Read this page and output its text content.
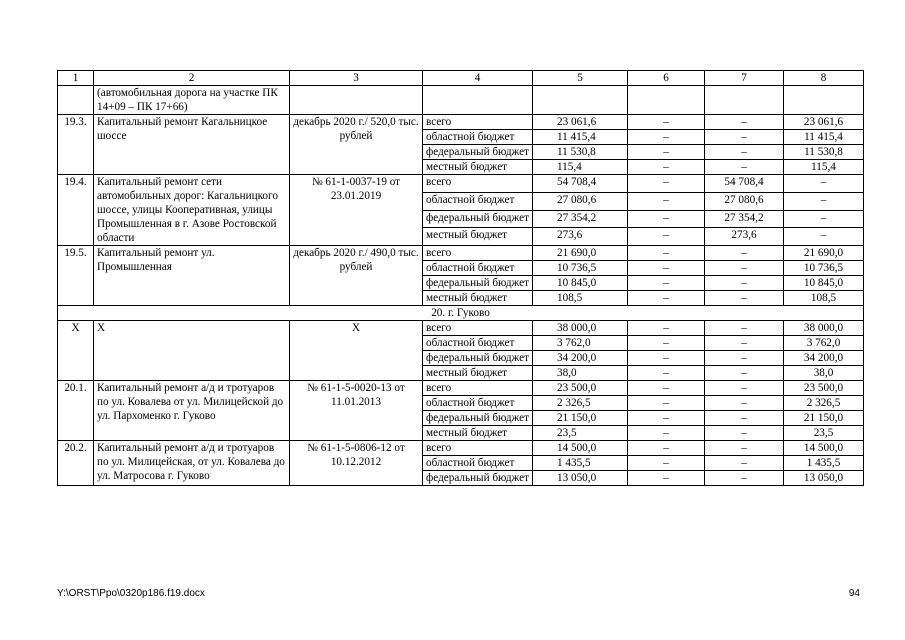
1	2	3	4	5	6	7	8
	(автомобильная дорога на участке ПК 14+09 – ПК 17+66)						
19.3.	Капитальный ремонт Кагальницкое шоссе	декабрь 2020 г./ 520,0 тыс. рублей	всего	23 061,6	–	–	23 061,6
			областной бюджет	11 415,4	–	–	11 415,4
			федеральный бюджет	11 530,8	–	–	11 530,8
			местный бюджет	115,4	–	–	115,4
19.4.	Капитальный ремонт сети автомобильных дорог: Кагальницкого шоссе, улицы Кооперативная, улицы Промышленная в г. Азове Ростовской области	№ 61-1-0037-19 от 23.01.2019	всего	54 708,4	–	54 708,4	–
			областной бюджет	27 080,6	–	27 080,6	–
			федеральный бюджет	27 354,2	–	27 354,2	–
			местный бюджет	273,6	–	273,6	–
19.5.	Капитальный ремонт ул. Промышленная	декабрь 2020 г./ 490,0 тыс. рублей	всего	21 690,0	–	–	21 690,0
			областной бюджет	10 736,5	–	–	10 736,5
			федеральный бюджет	10 845,0	–	–	10 845,0
			местный бюджет	108,5	–	–	108,5
20. г. Гуково							
Х	Х	Х	всего	38 000,0	–	–	38 000,0
			областной бюджет	3 762,0	–	–	3 762,0
			федеральный бюджет	34 200,0	–	–	34 200,0
			местный бюджет	38,0	–	–	38,0
20.1.	Капитальный ремонт а/д и тротуаров по ул. Ковалева от ул. Милицейской до ул. Пархоменко г. Гуково	№ 61-1-5-0020-13 от 11.01.2013	всего	23 500,0	–	–	23 500,0
			областной бюджет	2 326,5	–	–	2 326,5
			федеральный бюджет	21 150,0	–	–	21 150,0
			местный бюджет	23,5	–	–	23,5
20.2.	Капитальный ремонт а/д и тротуаров по ул. Милицейская, от ул. Ковалева до ул. Матросова г. Гуково	№ 61-1-5-0806-12 от 10.12.2012	всего	14 500,0	–	–	14 500,0
			областной бюджет	1 435,5	–	–	1 435,5
			федеральный бюджет	13 050,0	–	–	13 050,0
Y:\ORST\Ppo\0320p186.f19.docx	94
